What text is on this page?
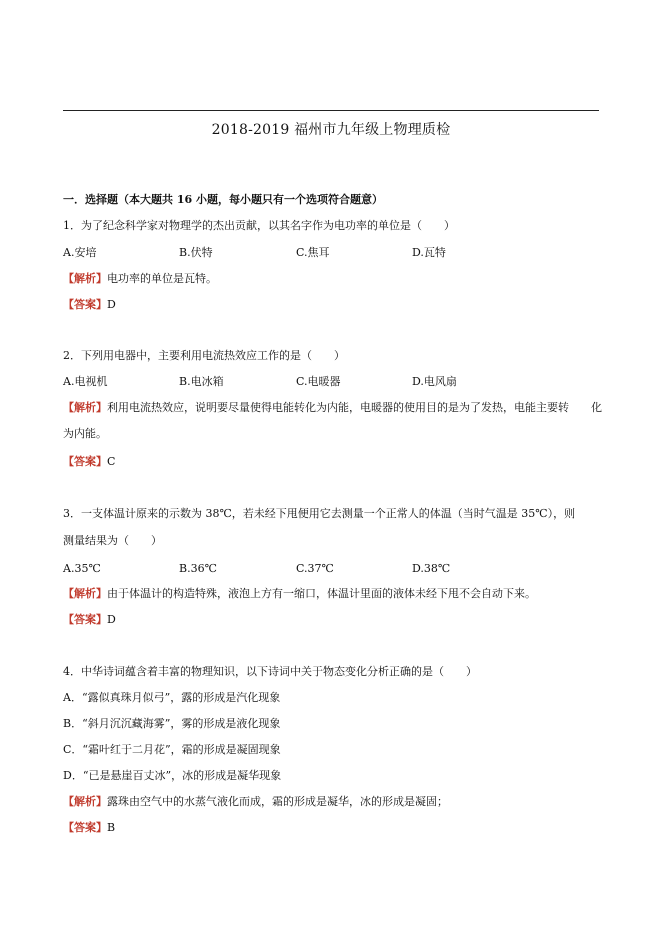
2018-2019 福州市九年级上物理质检
一．选择题（本大题共 16 小题，每小题只有一个选项符合题意）
1．为了纪念科学家对物理学的杰出贡献，以其名字作为电功率的单位是（　　）
A.安培	B.伏特	C.焦耳	D.瓦特
【解析】电功率的单位是瓦特。
【答案】D
2．下列用电器中，主要利用电流热效应工作的是（　　）
A.电视机	B.电冰箱	C.电暖器	D.电风扇
【解析】利用电流热效应，说明要尽量使得电能转化为内能，电暖器的使用目的是为了发热，电能主要转　　化
为内能。
【答案】C
3．一支体温计原来的示数为 38℃，若未经下甩便用它去测量一个正常人的体温（当时气温是 35℃），则
测量结果为（　　）
A.35℃	B.36℃	C.37℃	D.38℃
【解析】由于体温计的构造特殊，液泡上方有一缩口，体温计里面的液体未经下甩不会自动下来。
【答案】D
4．中华诗词蕴含着丰富的物理知识，以下诗词中关于物态变化分析正确的是（　　）
A．“露似真珠月似弓”，露的形成是汽化现象
B．“斜月沉沉藏海雾”，雾的形成是液化现象
C．“霜叶红于二月花”，霜的形成是凝固现象
D．“已是悬崖百丈冰”，冰的形成是凝华现象
【解析】露珠由空气中的水蒸气液化而成，霜的形成是凝华，冰的形成是凝固；
【答案】B
